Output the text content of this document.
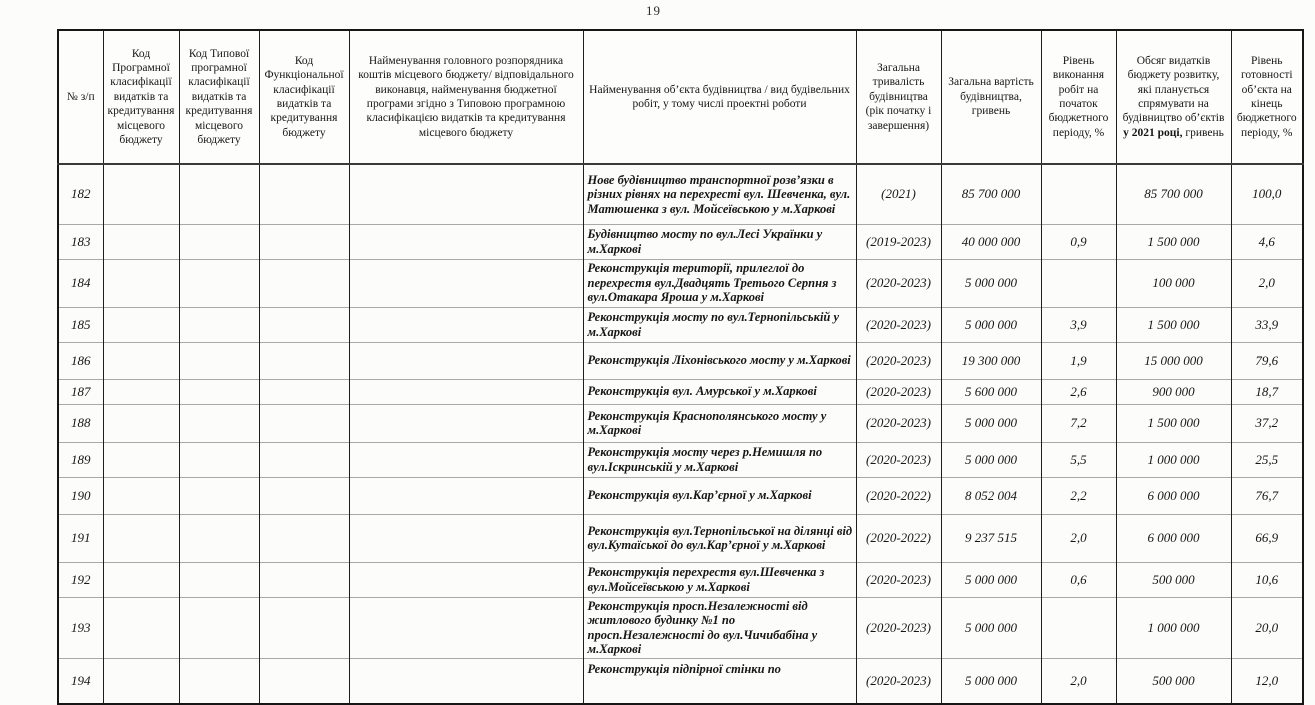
19
№ з/п	Код Програмної класифікації видатків та кредитування місцевого бюджету	Код Типової програмної класифікації видатків та кредитування місцевого бюджету	Код Функціональної класифікації видатків та кредитування бюджету	Найменування головного розпорядника коштів місцевого бюджету/ відповідального виконавця, найменування бюджетної програми згідно з Типовою програмною класифікацією видатків та кредитування місцевого бюджету	Найменування об’єкта будівництва / вид будівельних робіт, у тому числі проектні роботи	Загальна тривалість будівництва (рік початку і завершення)	Загальна вартість будівництва, гривень	Рівень виконання робіт на початок бюджетного періоду, %	Обсяг видатків бюджету розвитку, які планується спрямувати на будівництво об’єктів у 2021 році, гривень	Рівень готовності об’єкта на кінець бюджетного періоду, %
182					Нове будівництво транспортної розв’язки в різних рівнях на перехресті вул. Шевченка, вул. Матюшенка з вул. Мойсеївською у м.Харкові	(2021)	85 700 000		85 700 000	100,0
183					Будівництво мосту по вул.Лесі Українки у м.Харкові	(2019-2023)	40 000 000	0,9	1 500 000	4,6
184					Реконструкція території, прилеглої до перехрестя вул.Двадцять Третього Серпня з вул.Отакара Яроша у м.Харкові	(2020-2023)	5 000 000		100 000	2,0
185					Реконструкція мосту по вул.Тернопільській у м.Харкові	(2020-2023)	5 000 000	3,9	1 500 000	33,9
186					Реконструкція Ліхонівського мосту у м.Харкові	(2020-2023)	19 300 000	1,9	15 000 000	79,6
187					Реконструкція вул. Амурської у м.Харкові	(2020-2023)	5 600 000	2,6	900 000	18,7
188					Реконструкція Краснополянського мосту у м.Харкові	(2020-2023)	5 000 000	7,2	1 500 000	37,2
189					Реконструкція мосту через р.Немишля по вул.Іскринській у м.Харкові	(2020-2023)	5 000 000	5,5	1 000 000	25,5
190					Реконструкція вул.Кар’єрної у м.Харкові	(2020-2022)	8 052 004	2,2	6 000 000	76,7
191					Реконструкція вул.Тернопільської на ділянці від вул.Кутаїської до вул.Кар’єрної у м.Харкові	(2020-2022)	9 237 515	2,0	6 000 000	66,9
192					Реконструкція перехрестя вул.Шевченка з вул.Мойсеївською у м.Харкові	(2020-2023)	5 000 000	0,6	500 000	10,6
193					Реконструкція просп.Незалежності від житлового будинку №1 по просп.Незалежності до вул.Чичибабіна у м.Харкові	(2020-2023)	5 000 000		1 000 000	20,0
194					Реконструкція підпірної стінки по	(2020-2023)	5 000 000	2,0	500 000	12,0
